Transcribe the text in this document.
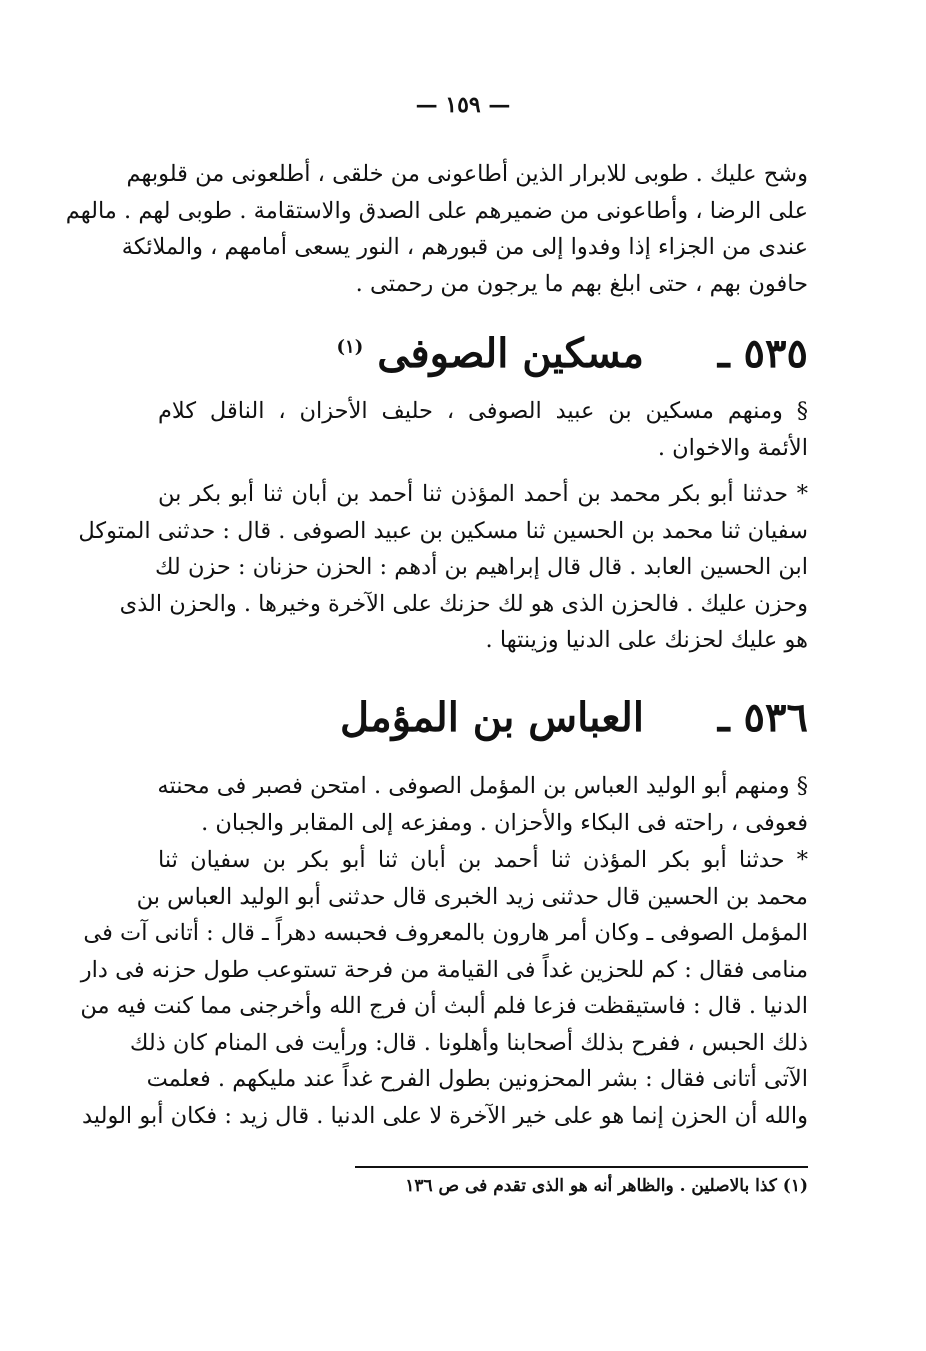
— ١٥٩ —
وشح عليك . طوبى للابرار الذين أطاعونى من خلقى ، أطلعونى من قلوبهم
على الرضا ، وأطاعونى من ضميرهم على الصدق والاستقامة . طوبى لهم . مالهم
عندى من الجزاء إذا وفدوا إلى من قبورهم ، النور يسعى أمامهم ، والملائكة
حافون بهم ، حتى ابلغ بهم ما يرجون من رحمتى .
٥٣٥ ـ مسكين الصوفى $^{(١)}$
§ ومنهم مسكين بن عبيد الصوفى ، حليف الأحزان ، الناقل كلام
الأئمة والاخوان .
* حدثنا أبو بكر محمد بن أحمد المؤذن ثنا أحمد بن أبان ثنا أبو بكر بن
سفيان ثنا محمد بن الحسين ثنا مسكين بن عبيد الصوفى . قال : حدثنى المتوكل
ابن الحسين العابد . قال قال إبراهيم بن أدهم : الحزن حزنان : حزن لك
وحزن عليك . فالحزن الذى هو لك حزنك على الآخرة وخيرها . والحزن الذى
هو عليك لحزنك على الدنيا وزينتها .
٥٣٦ ـ العباس بن المؤمل
§ ومنهم أبو الوليد العباس بن المؤمل الصوفى . امتحن فصبر فى محنته
فعوفى ، راحته فى البكاء والأحزان . ومفزعه إلى المقابر والجبان .
* حدثنا أبو بكر المؤذن ثنا أحمد بن أبان ثنا أبو بكر بن سفيان ثنا
محمد بن الحسين قال حدثنى زيد الخبرى قال حدثنى أبو الوليد العباس بن
المؤمل الصوفى ـ وكان أمر هارون بالمعروف فحبسه دهراً ـ قال : أتانى آت فى
منامى فقال : كم للحزين غداً فى القيامة من فرحة تستوعب طول حزنه فى دار
الدنيا . قال : فاستيقظت فزعا فلم ألبث أن فرج الله وأخرجنى مما كنت فيه من
ذلك الحبس ، ففرح بذلك أصحابنا وأهلونا . قال: ورأيت فى المنام كان ذلك
الآتى أتانى فقال : بشر المحزونين بطول الفرح غداً عند مليكهم . فعلمت
والله أن الحزن إنما هو على خير الآخرة لا على الدنيا . قال زيد : فكان أبو الوليد
(١) كذا بالاصلين . والظاهر أنه هو الذى تقدم فى ص ١٣٦
